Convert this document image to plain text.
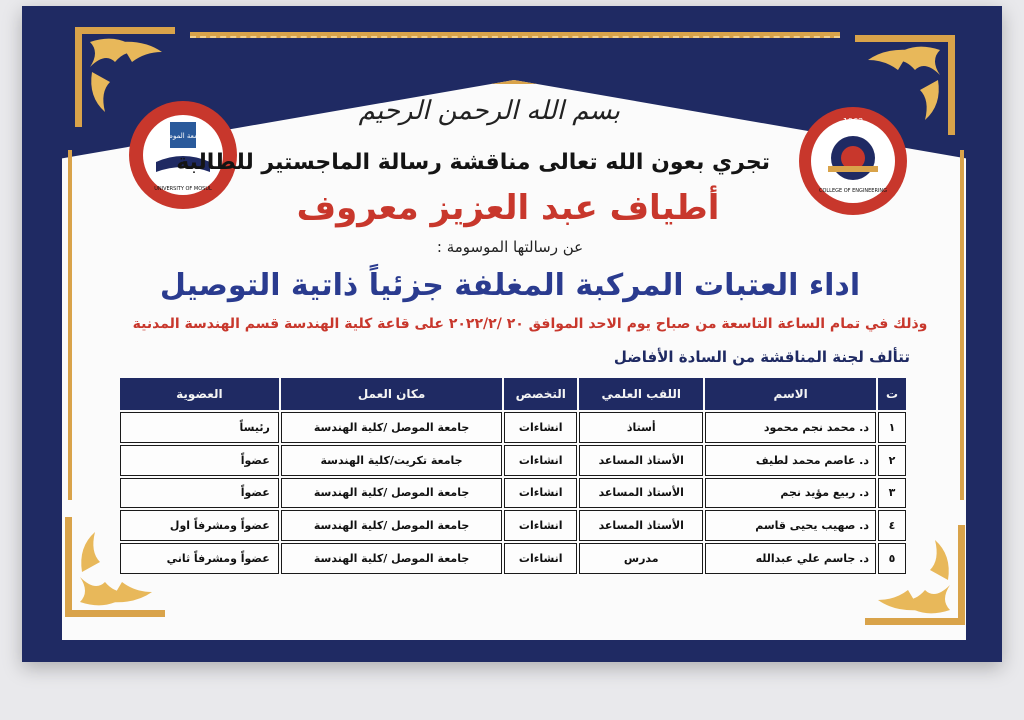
جامعة الموصل
UNIVERSITY OF MOSUL
1963
COLLEGE OF ENGINEERING
بسم الله الرحمن الرحيم
تجري بعون الله تعالى مناقشة رسالة الماجستير للطالبة
أطياف عبد العزيز معروف
عن رسالتها الموسومة :
اداء العتبات المركبة المغلفة جزئياً ذاتية التوصيل
وذلك في تمام الساعة التاسعة من صباح يوم الاحد الموافق ٢٠ /٢٠٢٢/٢ على قاعة كلية الهندسة قسم الهندسة المدنية
تتألف لجنة المناقشة من السادة الأفاضل
ت	الاسم	اللقب العلمي	التخصص	مكان العمل	العضوية
١	د. محمد نجم محمود	أستاذ	انشاءات	جامعة الموصل /كلية الهندسة	رئيساً
٢	د. عاصم محمد لطيف	الأستاذ المساعد	انشاءات	جامعة تكريت/كلية الهندسة	عضواً
٣	د. ربيع مؤيد نجم	الأستاذ المساعد	انشاءات	جامعة الموصل /كلية الهندسة	عضواً
٤	د. صهيب يحيى قاسم	الأستاذ المساعد	انشاءات	جامعة الموصل /كلية الهندسة	عضواً ومشرفاً اول
٥	د. جاسم علي عبدالله	مدرس	انشاءات	جامعة الموصل /كلية الهندسة	عضواً ومشرفاً ثاني
